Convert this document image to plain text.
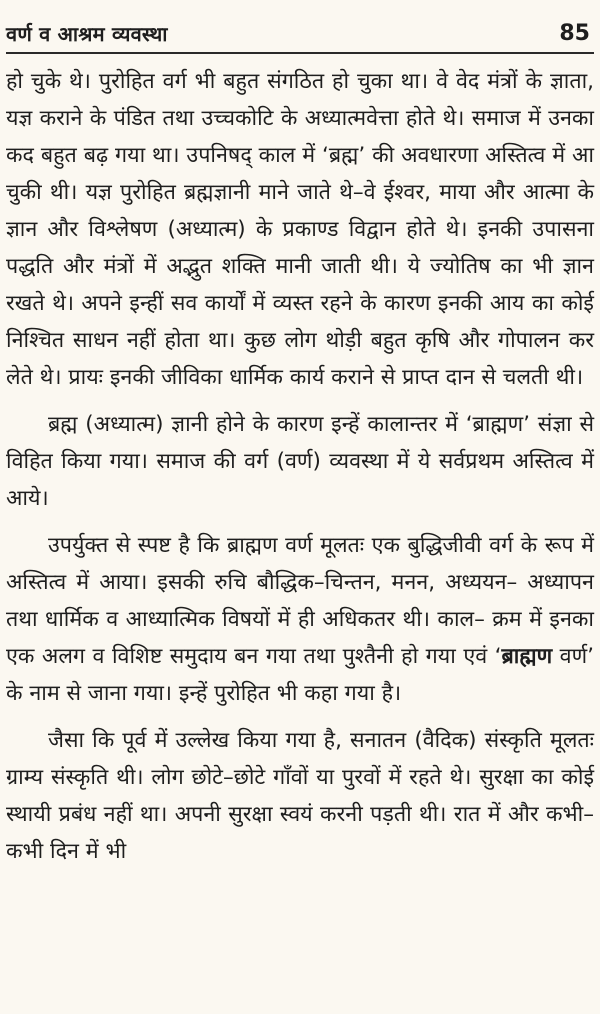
वर्ण व आश्रम व्यवस्था	85

हो चुके थे। पुरोहित वर्ग भी बहुत संगठित हो चुका था। वे वेद मंत्रों के ज्ञाता, यज्ञ कराने के पंडित तथा उच्चकोटि के अध्यात्मवेत्ता होते थे। समाज में उनका कद बहुत बढ़ गया था। उपनिषद् काल में ‘ब्रह्म’ की अवधारणा अस्तित्व में आ चुकी थी। यज्ञ पुरोहित ब्रह्मज्ञानी माने जाते थे–वे ईश्वर, माया और आत्मा के ज्ञान और विश्लेषण (अध्यात्म) के प्रकाण्ड विद्वान होते थे। इनकी उपासना पद्धति और मंत्रों में अद्भुत शक्ति मानी जाती थी। ये ज्योतिष का भी ज्ञान रखते थे। अपने इन्हीं सव कार्यों में व्यस्त रहने के कारण इनकी आय का कोई निश्चित साधन नहीं होता था। कुछ लोग थोड़ी बहुत कृषि और गोपालन कर लेते थे। प्रायः इनकी जीविका धार्मिक कार्य कराने से प्राप्त दान से चलती थी।

ब्रह्म (अध्यात्म) ज्ञानी होने के कारण इन्हें कालान्तर में ‘ब्राह्मण’ संज्ञा से विहित किया गया। समाज की वर्ग (वर्ण) व्यवस्था में ये सर्वप्रथम अस्तित्व में आये।

उपर्युक्त से स्पष्ट है कि ब्राह्मण वर्ण मूलतः एक बुद्धिजीवी वर्ग के रूप में अस्तित्व में आया। इसकी रुचि बौद्धिक–चिन्तन, मनन, अध्ययन– अध्यापन तथा धार्मिक व आध्यात्मिक विषयों में ही अधिकतर थी। काल– क्रम में इनका एक अलग व विशिष्ट समुदाय बन गया तथा पुश्तैनी हो गया एवं ‘ब्राह्मण वर्ण’ के नाम से जाना गया। इन्हें पुरोहित भी कहा गया है।

जैसा कि पूर्व में उल्लेख किया गया है, सनातन (वैदिक) संस्कृति मूलतः ग्राम्य संस्कृति थी। लोग छोटे–छोटे गाँवों या पुरवों में रहते थे। सुरक्षा का कोई स्थायी प्रबंध नहीं था। अपनी सुरक्षा स्वयं करनी पड़ती थी। रात में और कभी–कभी दिन में भी
